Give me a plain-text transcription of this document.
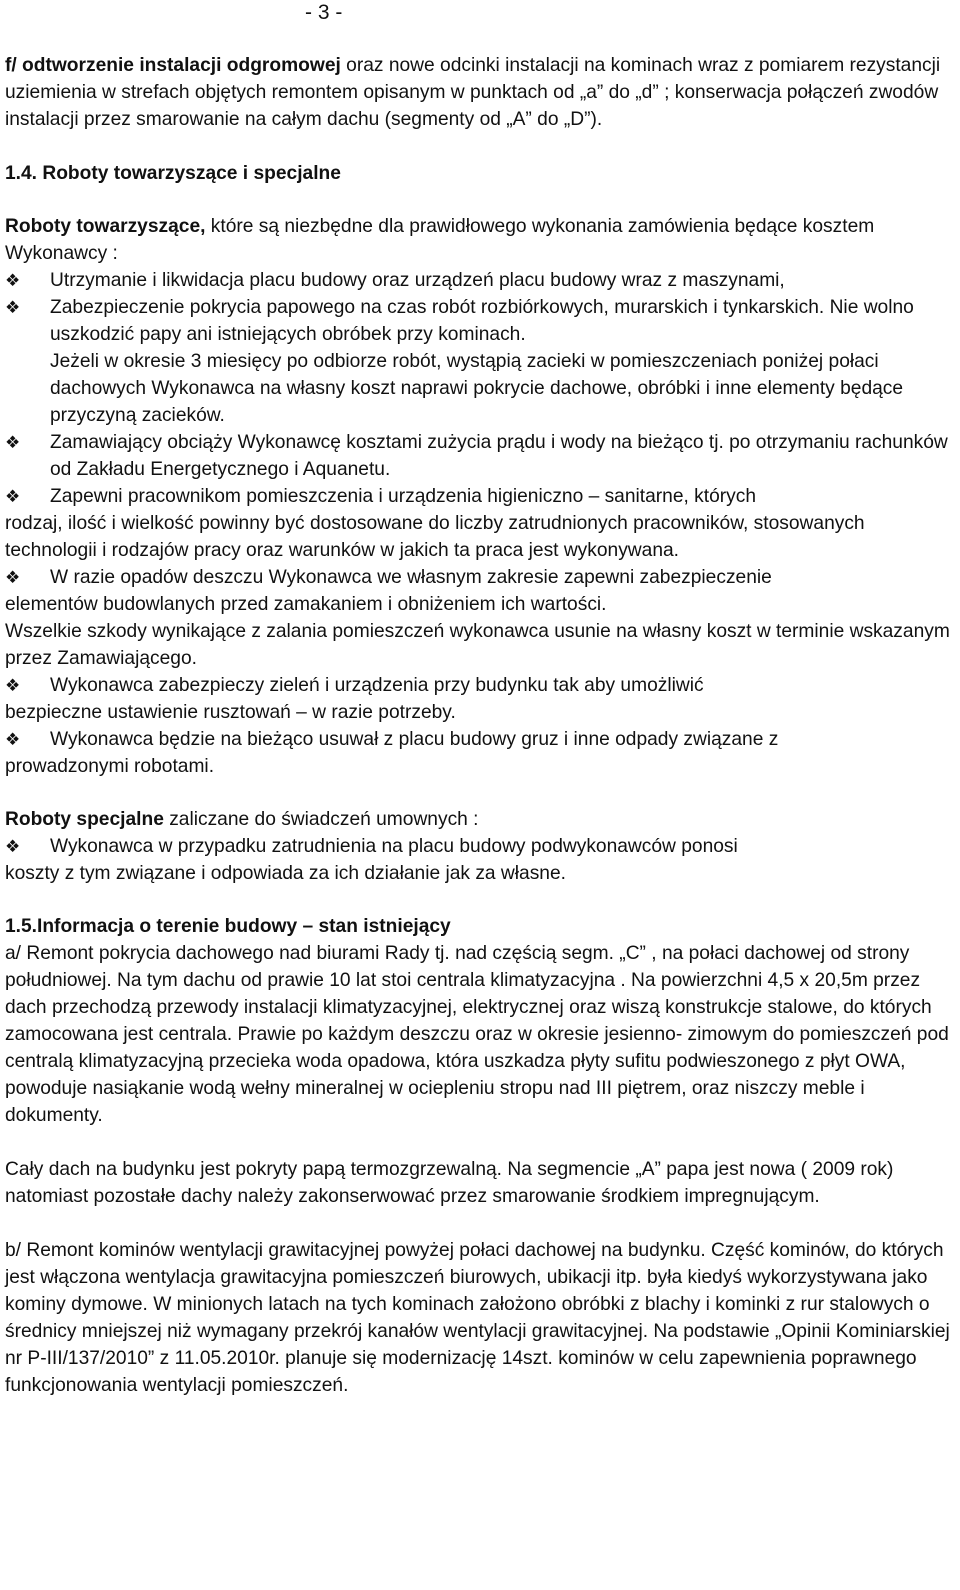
- 3 -

f/ odtworzenie instalacji odgromowej oraz nowe odcinki instalacji na kominach wraz z pomiarem rezystancji uziemienia w strefach objętych remontem opisanym w punktach od „a” do „d” ; konserwacja połączeń zwodów instalacji przez smarowanie na całym dachu (segmenty od „A” do „D”).

1.4. Roboty towarzyszące i specjalne

Roboty towarzyszące, które są niezbędne dla prawidłowego wykonania zamówienia będące kosztem Wykonawcy :

❖	Utrzymanie i likwidacja placu budowy oraz urządzeń placu budowy wraz z maszynami,
❖	Zabezpieczenie pokrycia papowego na czas robót rozbiórkowych, murarskich i tynkarskich. Nie wolno uszkodzić papy ani istniejących obróbek przy kominach.

Jeżeli w okresie 3 miesięcy po odbiorze robót, wystąpią zacieki w pomieszczeniach poniżej połaci dachowych Wykonawca na własny koszt naprawi pokrycie dachowe, obróbki i inne elementy będące przyczyną zacieków.

❖	Zamawiający obciąży Wykonawcę kosztami zużycia prądu i wody na bieżąco tj. po otrzymaniu rachunków od Zakładu Energetycznego i Aquanetu.
❖	Zapewni pracownikom pomieszczenia i urządzenia higieniczno – sanitarne, których

rodzaj, ilość i wielkość powinny być dostosowane do liczby zatrudnionych pracowników, stosowanych technologii i rodzajów pracy oraz warunków w jakich ta praca jest wykonywana.

❖	W razie opadów deszczu Wykonawca we własnym zakresie zapewni zabezpieczenie

elementów budowlanych przed zamakaniem i obniżeniem ich wartości.

Wszelkie szkody wynikające z zalania pomieszczeń wykonawca usunie na własny koszt w terminie wskazanym przez Zamawiającego.

❖	Wykonawca zabezpieczy zieleń i urządzenia przy budynku tak aby umożliwić

bezpieczne ustawienie rusztowań – w razie potrzeby.

❖	Wykonawca będzie na bieżąco usuwał z placu budowy gruz i inne odpady związane z

prowadzonymi robotami.

Roboty specjalne zaliczane do świadczeń umownych :

❖	Wykonawca w przypadku zatrudnienia na placu budowy podwykonawców ponosi

koszty z tym związane i odpowiada za ich działanie jak za własne.

1.5.Informacja o terenie budowy – stan istniejący

a/ Remont pokrycia dachowego nad biurami Rady tj. nad częścią segm. „C” , na połaci dachowej od strony południowej. Na tym dachu od prawie 10 lat stoi centrala klimatyzacyjna . Na powierzchni 4,5 x 20,5m przez dach przechodzą przewody instalacji klimatyzacyjnej, elektrycznej oraz wiszą konstrukcje stalowe, do których zamocowana jest centrala. Prawie po każdym deszczu oraz w okresie jesienno- zimowym do pomieszczeń pod centralą klimatyzacyjną przecieka woda opadowa, która uszkadza płyty sufitu podwieszonego z płyt OWA, powoduje nasiąkanie wodą wełny mineralnej w ociepleniu stropu nad III piętrem, oraz niszczy meble i dokumenty.

Cały dach na budynku jest pokryty papą termozgrzewalną. Na segmencie „A” papa jest nowa ( 2009 rok) natomiast pozostałe dachy należy zakonserwować przez smarowanie środkiem impregnującym.

b/ Remont kominów wentylacji grawitacyjnej powyżej połaci dachowej na budynku. Część kominów, do których jest włączona wentylacja grawitacyjna pomieszczeń biurowych, ubikacji itp. była kiedyś wykorzystywana jako kominy dymowe. W minionych latach na tych kominach założono obróbki z blachy i kominki z rur stalowych o średnicy mniejszej niż wymagany przekrój kanałów wentylacji grawitacyjnej. Na podstawie „Opinii Kominiarskiej nr P-III/137/2010” z 11.05.2010r. planuje się modernizację 14szt. kominów w celu zapewnienia poprawnego funkcjonowania wentylacji pomieszczeń.
